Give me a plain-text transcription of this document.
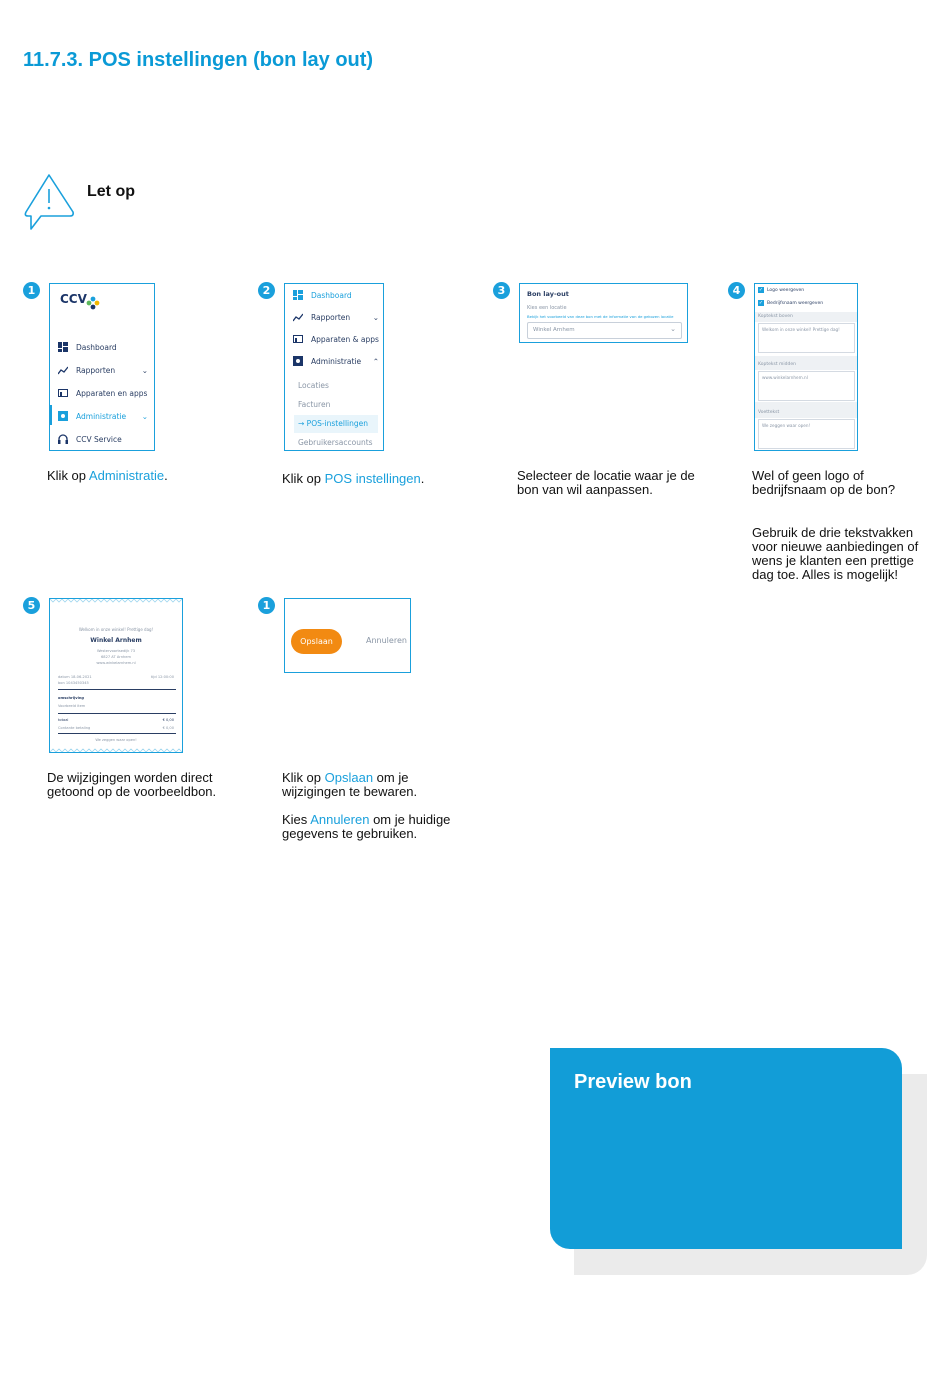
11.7.3. POS instellingen (bon lay out)
Let op
1
CCV
Dashboard
Rapporten	⌄
Apparaten en apps
Administratie ⌄
CCV Service
Klik op Administratie.
2	Dashboard
Rapporten	⌄
Apparaten & apps
Administratie ⌃
Locaties
Facturen
→ POS-instellingen
Gebruikersaccounts
Klik op POS instellingen.
3	Bon lay-out
Kies een locatie
Bekijk het voorbeeld van deze bon met de informatie van de gekozen locatie
Winkel Arnhem	⌄
Selecteer de locatie waar je de bon van wil aanpassen.
4	✓ Logo weergeven
✓ Bedrijfsnaam weergeven
Koptekst boven
Welkom in onze winkel! Prettige dag!
Koptekst midden
www.winkelarnhem.nl
Voettekst
We zeggen waar open!
Wel of geen logo of bedrijfsnaam op de bon?
Gebruik de drie tekstvakken voor nieuwe aanbiedingen of wens je klanten een prettige dag toe. Alles is mogelijk!
5
Welkom in onze winkel! Prettige dag!
Winkel Arnhem
Westervoortsedijk 73
6827 AT Arnhem
www.winkelarnhem.nl
datum 18-06-2021	tijd 12:00:00
bon 1043450345
omschrijving
Voorbeeld item
totaal	€ 0,00
Contante betaling	€ 0,00
We zeggen waar open!
De wijzigingen worden direct getoond op de voorbeeldbon.
1
Opslaan	Annuleren
Klik op Opslaan om je wijzigingen te bewaren.
Kies Annuleren om je huidige gegevens te gebruiken.
Preview bon
